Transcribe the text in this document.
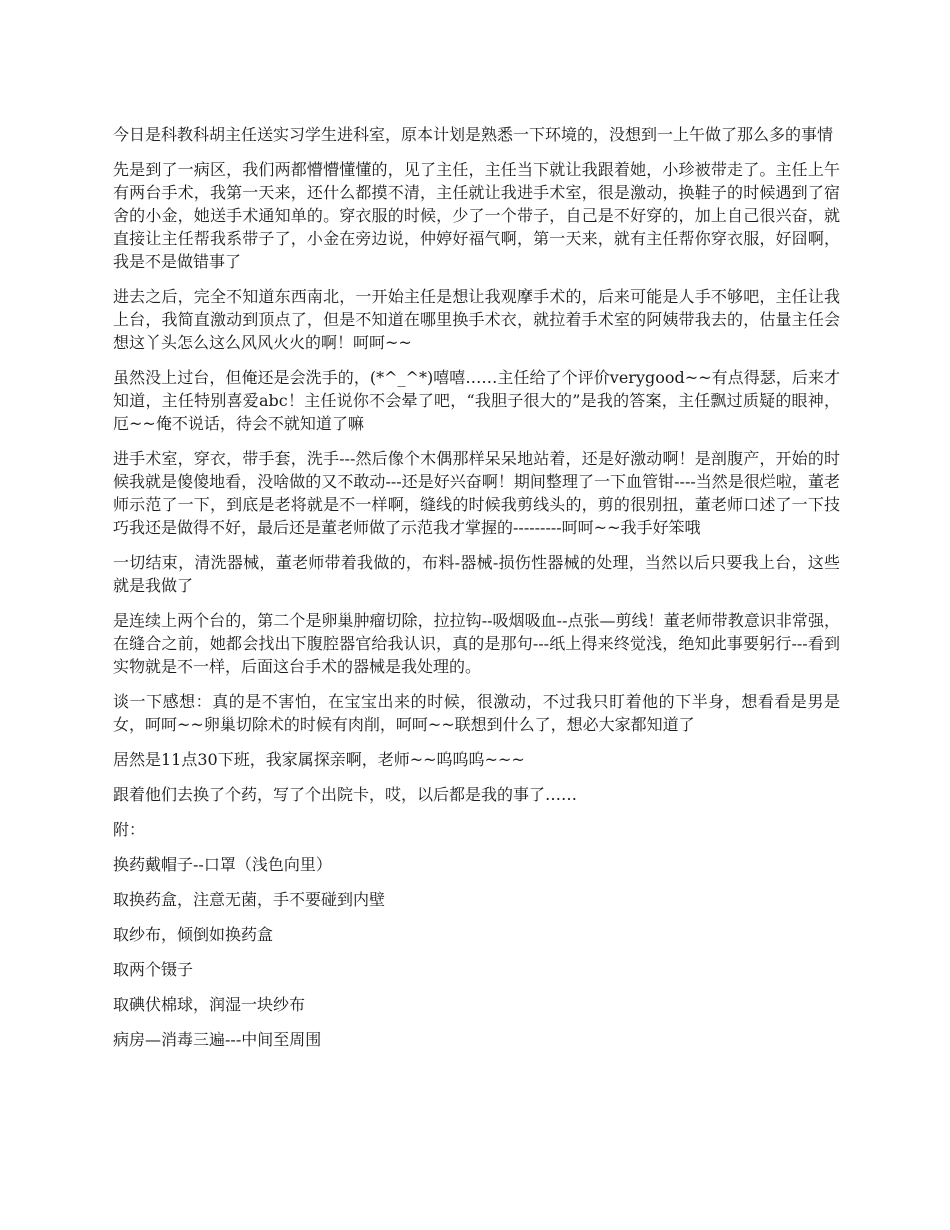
今日是科教科胡主任送实习学生进科室，原本计划是熟悉一下环境的，没想到一上午做了那么多的事情

先是到了一病区，我们两都懵懵懂懂的，见了主任，主任当下就让我跟着她，小珍被带走了。主任上午有两台手术，我第一天来，还什么都摸不清，主任就让我进手术室，很是激动，换鞋子的时候遇到了宿舍的小金，她送手术通知单的。穿衣服的时候，少了一个带子，自己是不好穿的，加上自己很兴奋，就直接让主任帮我系带子了，小金在旁边说，仲婷好福气啊，第一天来，就有主任帮你穿衣服，好囧啊，我是不是做错事了

进去之后，完全不知道东西南北，一开始主任是想让我观摩手术的，后来可能是人手不够吧，主任让我上台，我简直激动到顶点了，但是不知道在哪里换手术衣，就拉着手术室的阿姨带我去的，估量主任会想这丫头怎么这么风风火火的啊！呵呵~~

虽然没上过台，但俺还是会洗手的，(*^_^*)嘻嘻……主任给了个评价verygood~~有点得瑟，后来才知道，主任特别喜爱abc！主任说你不会晕了吧，“我胆子很大的”是我的答案，主任飘过质疑的眼神，厄~~俺不说话，待会不就知道了嘛

进手术室，穿衣，带手套，洗手---然后像个木偶那样呆呆地站着，还是好激动啊！是剖腹产，开始的时候我就是傻傻地看，没啥做的又不敢动---还是好兴奋啊！期间整理了一下血管钳----当然是很烂啦，董老师示范了一下，到底是老将就是不一样啊，缝线的时候我剪线头的，剪的很别扭，董老师口述了一下技巧我还是做得不好，最后还是董老师做了示范我才掌握的---------呵呵~~我手好笨哦

一切结束，清洗器械，董老师带着我做的，布料-器械-损伤性器械的处理，当然以后只要我上台，这些就是我做了

是连续上两个台的，第二个是卵巢肿瘤切除，拉拉钩--吸烟吸血--点张—剪线！董老师带教意识非常强，在缝合之前，她都会找出下腹腔器官给我认识，真的是那句---纸上得来终觉浅，绝知此事要躬行---看到实物就是不一样，后面这台手术的器械是我处理的。

谈一下感想：真的是不害怕，在宝宝出来的时候，很激动，不过我只盯着他的下半身，想看看是男是女，呵呵~~卵巢切除术的时候有肉削，呵呵~~联想到什么了，想必大家都知道了

居然是11点30下班，我家属探亲啊，老师~~呜呜呜~~~

跟着他们去换了个药，写了个出院卡，哎，以后都是我的事了……

附：

换药戴帽子--口罩（浅色向里）

取换药盒，注意无菌，手不要碰到内壁

取纱布，倾倒如换药盒

取两个镊子

取碘伏棉球，润湿一块纱布

病房—消毒三遍---中间至周围
